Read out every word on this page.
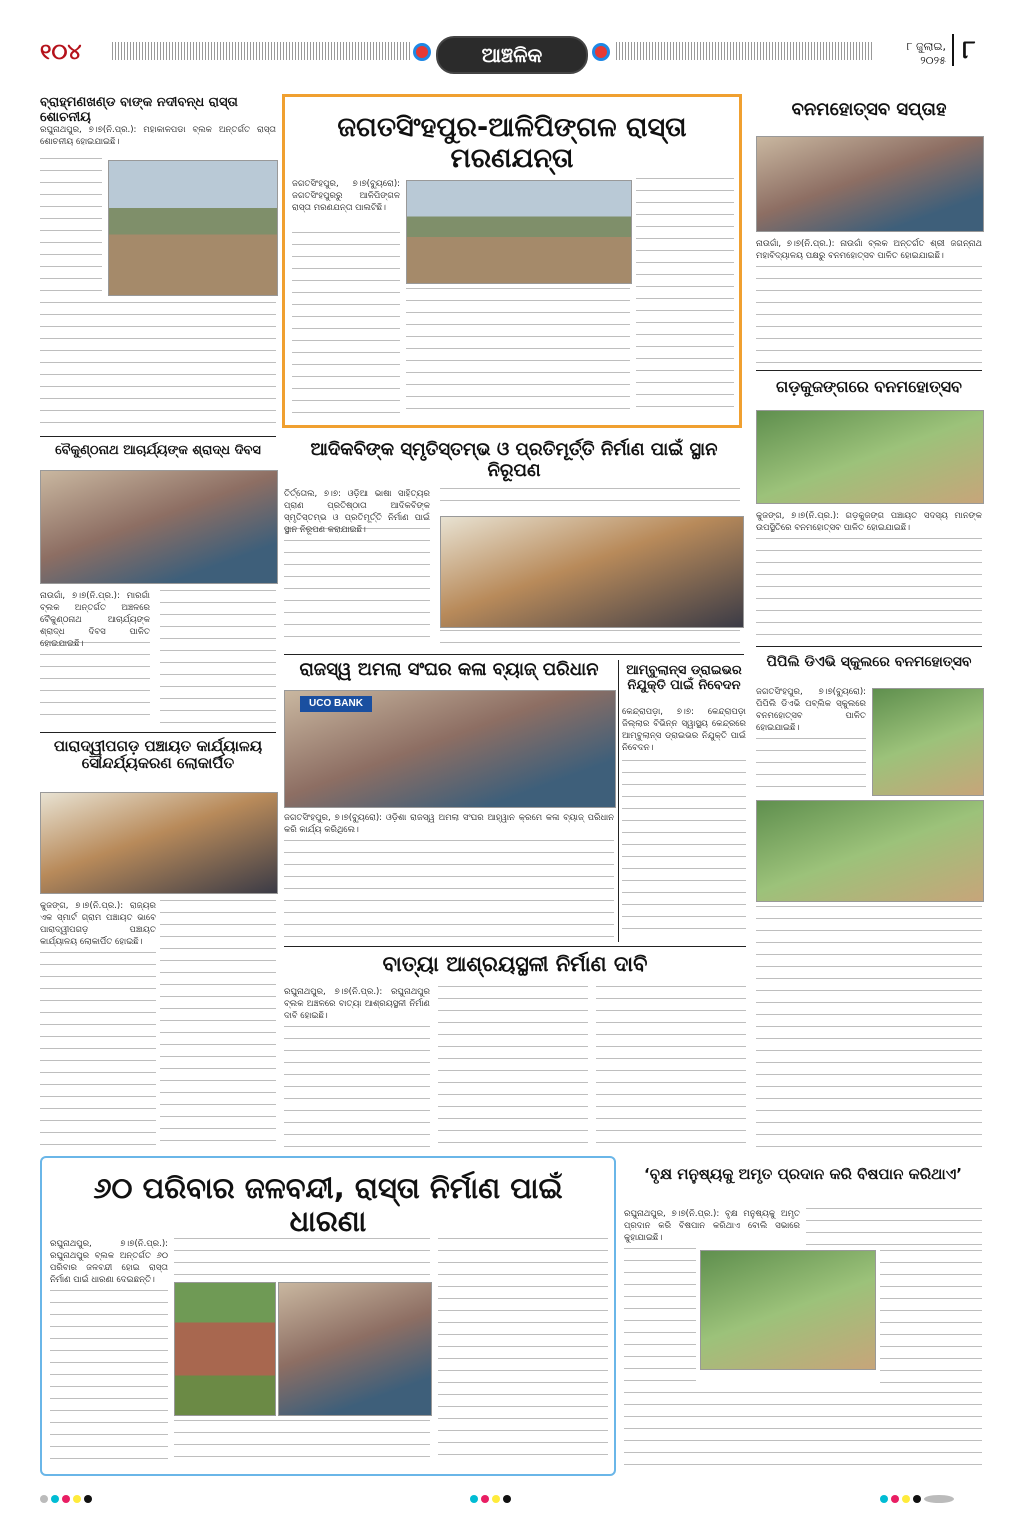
୧୦୪	ଆଞ୍ଚଳିକ	୮ ଜୁଲାଇ, ୨୦୨୫ ୮
ବ୍ରାହ୍ମଣଖଣ୍ଡ ବାଙ୍କ ନଦୀବନ୍ଧ ରାସ୍ତା ଶୋଚନୀୟ
ରଘୁନାଥପୁର, ୭।୭(ନି.ପ୍ର.): ମହାକାଳପଡା ବ୍ଲକ ଅନ୍ତର୍ଗତ ରାସ୍ତା ଶୋଚନୀୟ ହୋଇଯାଇଛି।	ଜଗତସିଂହପୁର-ଆଳିପିଙ୍ଗଳ ରାସ୍ତା ମରଣଯନ୍ତା
ଜଗତସିଂହପୁର, ୭।୭(ବ୍ୟୁରୋ): ଜଗତସିଂହପୁରରୁ ଆଳିପିଙ୍ଗଳ ରାସ୍ତା ମରଣଯନ୍ତା ପାଲଟିଛି।
ବନମହୋତ୍ସବ ସପ୍ତାହ
ନାଉଗାଁ, ୭।୭(ନି.ପ୍ର.): ନାଉଗାଁ ବ୍ଲକ ଅନ୍ତର୍ଗତ ଶ୍ରୀ ଜଗନ୍ନାଥ ମହାବିଦ୍ୟାଳୟ ପକ୍ଷରୁ ବନମହୋତ୍ସବ ପାଳିତ ହୋଇଯାଇଛି।
ଗଡ଼କୁଜଙ୍ଗରେ ବନମହୋତ୍ସବ
କୁଜଙ୍ଗ, ୭।୭(ନି.ପ୍ର.): ଗଡ଼କୁଜଙ୍ଗ ପଞ୍ଚାୟତ ସଦସ୍ୟ ମାନଙ୍କ ଉପସ୍ଥିତିରେ ବନମହୋତ୍ସବ ପାଳିତ ହୋଇଯାଇଛି।
ବୈକୁଣ୍ଠନାଥ ଆଚାର୍ଯ୍ୟଙ୍କ ଶ୍ରାଦ୍ଧ ଦିବସ
ନାଉଗାଁ, ୭।୭(ନି.ପ୍ର.): ମାରଗାଁ ବ୍ଲକ ଅନ୍ତର୍ଗତ ଅଞ୍ଚଳରେ ବୈକୁଣ୍ଠନାଥ ଆଚାର୍ଯ୍ୟଙ୍କ ଶ୍ରାଦ୍ଧ ଦିବସ ପାଳିତ ହୋଇଯାଇଛି।
ଆଦିକବିଙ୍କ ସ୍ମୃତିସ୍ତମ୍ଭ ଓ ପ୍ରତିମୂର୍ତ୍ତି ନିର୍ମାଣ ପାଇଁ ସ୍ଥାନ ନିରୂପଣ
ତିର୍ତ୍ତୋଲ, ୭।୭: ଓଡ଼ିଆ ଭାଷା ସାହିତ୍ୟର ପ୍ରାଣ ପ୍ରତିଷ୍ଠାତା ଆଦିକବିଙ୍କ ସ୍ମୃତିସ୍ତମ୍ଭ ଓ ପ୍ରତିମୂର୍ତ୍ତି ନିର୍ମାଣ ପାଇଁ ସ୍ଥାନ ନିରୂପଣ କରାଯାଇଛି।
ରାଜସ୍ୱ ଅମଲା ସଂଘର କଳା ବ୍ୟାଜ୍ ପରିଧାନ
UCO BANK
ଜଗତସିଂହପୁର, ୭।୭(ବ୍ୟୁରୋ): ଓଡ଼ିଶା ରାଜସ୍ୱ ଅମଲା ସଂଘର ଆହ୍ୱାନ କ୍ରମେ କଳା ବ୍ୟାଜ୍ ପରିଧାନ କରି କାର୍ଯ୍ୟ କରିଥିଲେ।
ଆମ୍ବୁଲାନ୍ସ ଡ୍ରାଇଭର ନିଯୁକ୍ତି ପାଇଁ ନିବେଦନ
କେନ୍ଦ୍ରାପଡ଼ା, ୭।୭: କେନ୍ଦ୍ରାପଡ଼ା ଜିଲ୍ଲାର ବିଭିନ୍ନ ସ୍ୱାସ୍ଥ୍ୟ କେନ୍ଦ୍ରରେ ଆମ୍ବୁଲାନ୍ସ ଡ୍ରାଇଭର ନିଯୁକ୍ତି ପାଇଁ ନିବେଦନ।
ପିପିଲି ଡିଏଭି ସ୍କୁଲରେ ବନମହୋତ୍ସବ
ଜଗତସିଂହପୁର, ୭।୭(ବ୍ୟୁରୋ): ପିପିଲି ଡିଏଭି ପବ୍ଲିକ ସ୍କୁଲରେ ବନମହୋତ୍ସବ ପାଳିତ ହୋଇଯାଇଛି।
ପାରାଦ୍ୱୀପଗଡ଼ ପଞ୍ଚାୟତ କାର୍ଯ୍ୟାଳୟ ସୌନ୍ଦର୍ଯ୍ୟକରଣ ଲୋକାର୍ପିତ
କୁଜଙ୍ଗ, ୭।୭(ନି.ପ୍ର.): ରାଜ୍ୟର ଏକ ସ୍ମାର୍ଟ ଗ୍ରାମ ପଞ୍ଚାୟତ ଭାବେ ପାରାଦ୍ୱୀପଗଡ଼ ପଞ୍ଚାୟତ କାର୍ଯ୍ୟାଳୟ ଲୋକାର୍ପିତ ହୋଇଛି।
ବାତ୍ୟା ଆଶ୍ରୟସ୍ଥଳୀ ନିର୍ମାଣ ଦାବି
ରଘୁନାଥପୁର, ୭।୭(ନି.ପ୍ର.): ରଘୁନାଥପୁର ବ୍ଲକ ଅଞ୍ଚଳରେ ବାତ୍ୟା ଆଶ୍ରୟସ୍ଥଳୀ ନିର୍ମାଣ ଦାବି ହୋଇଛି।
୬୦ ପରିବାର ଜଳବନ୍ଦୀ, ରାସ୍ତା ନିର୍ମାଣ ପାଇଁ ଧାରଣା
ରଘୁନାଥପୁର, ୭।୭(ନି.ପ୍ର.): ରଘୁନାଥପୁର ବ୍ଲକ ଅନ୍ତର୍ଗତ ୬୦ ପରିବାର ଜଳବନ୍ଦୀ ହୋଇ ରାସ୍ତା ନିର୍ମାଣ ପାଇଁ ଧାରଣା ଦେଇଛନ୍ତି।
‘ବୃକ୍ଷ ମନୁଷ୍ୟକୁ ଅମୃତ ପ୍ରଦାନ କରି ବିଷପାନ କରିଥାଏ’
ରଘୁନାଥପୁର, ୭।୭(ନି.ପ୍ର.): ବୃକ୍ଷ ମନୁଷ୍ୟକୁ ଅମୃତ ପ୍ରଦାନ କରି ବିଷପାନ କରିଥାଏ ବୋଲି ସଭାରେ କୁହାଯାଇଛି।
